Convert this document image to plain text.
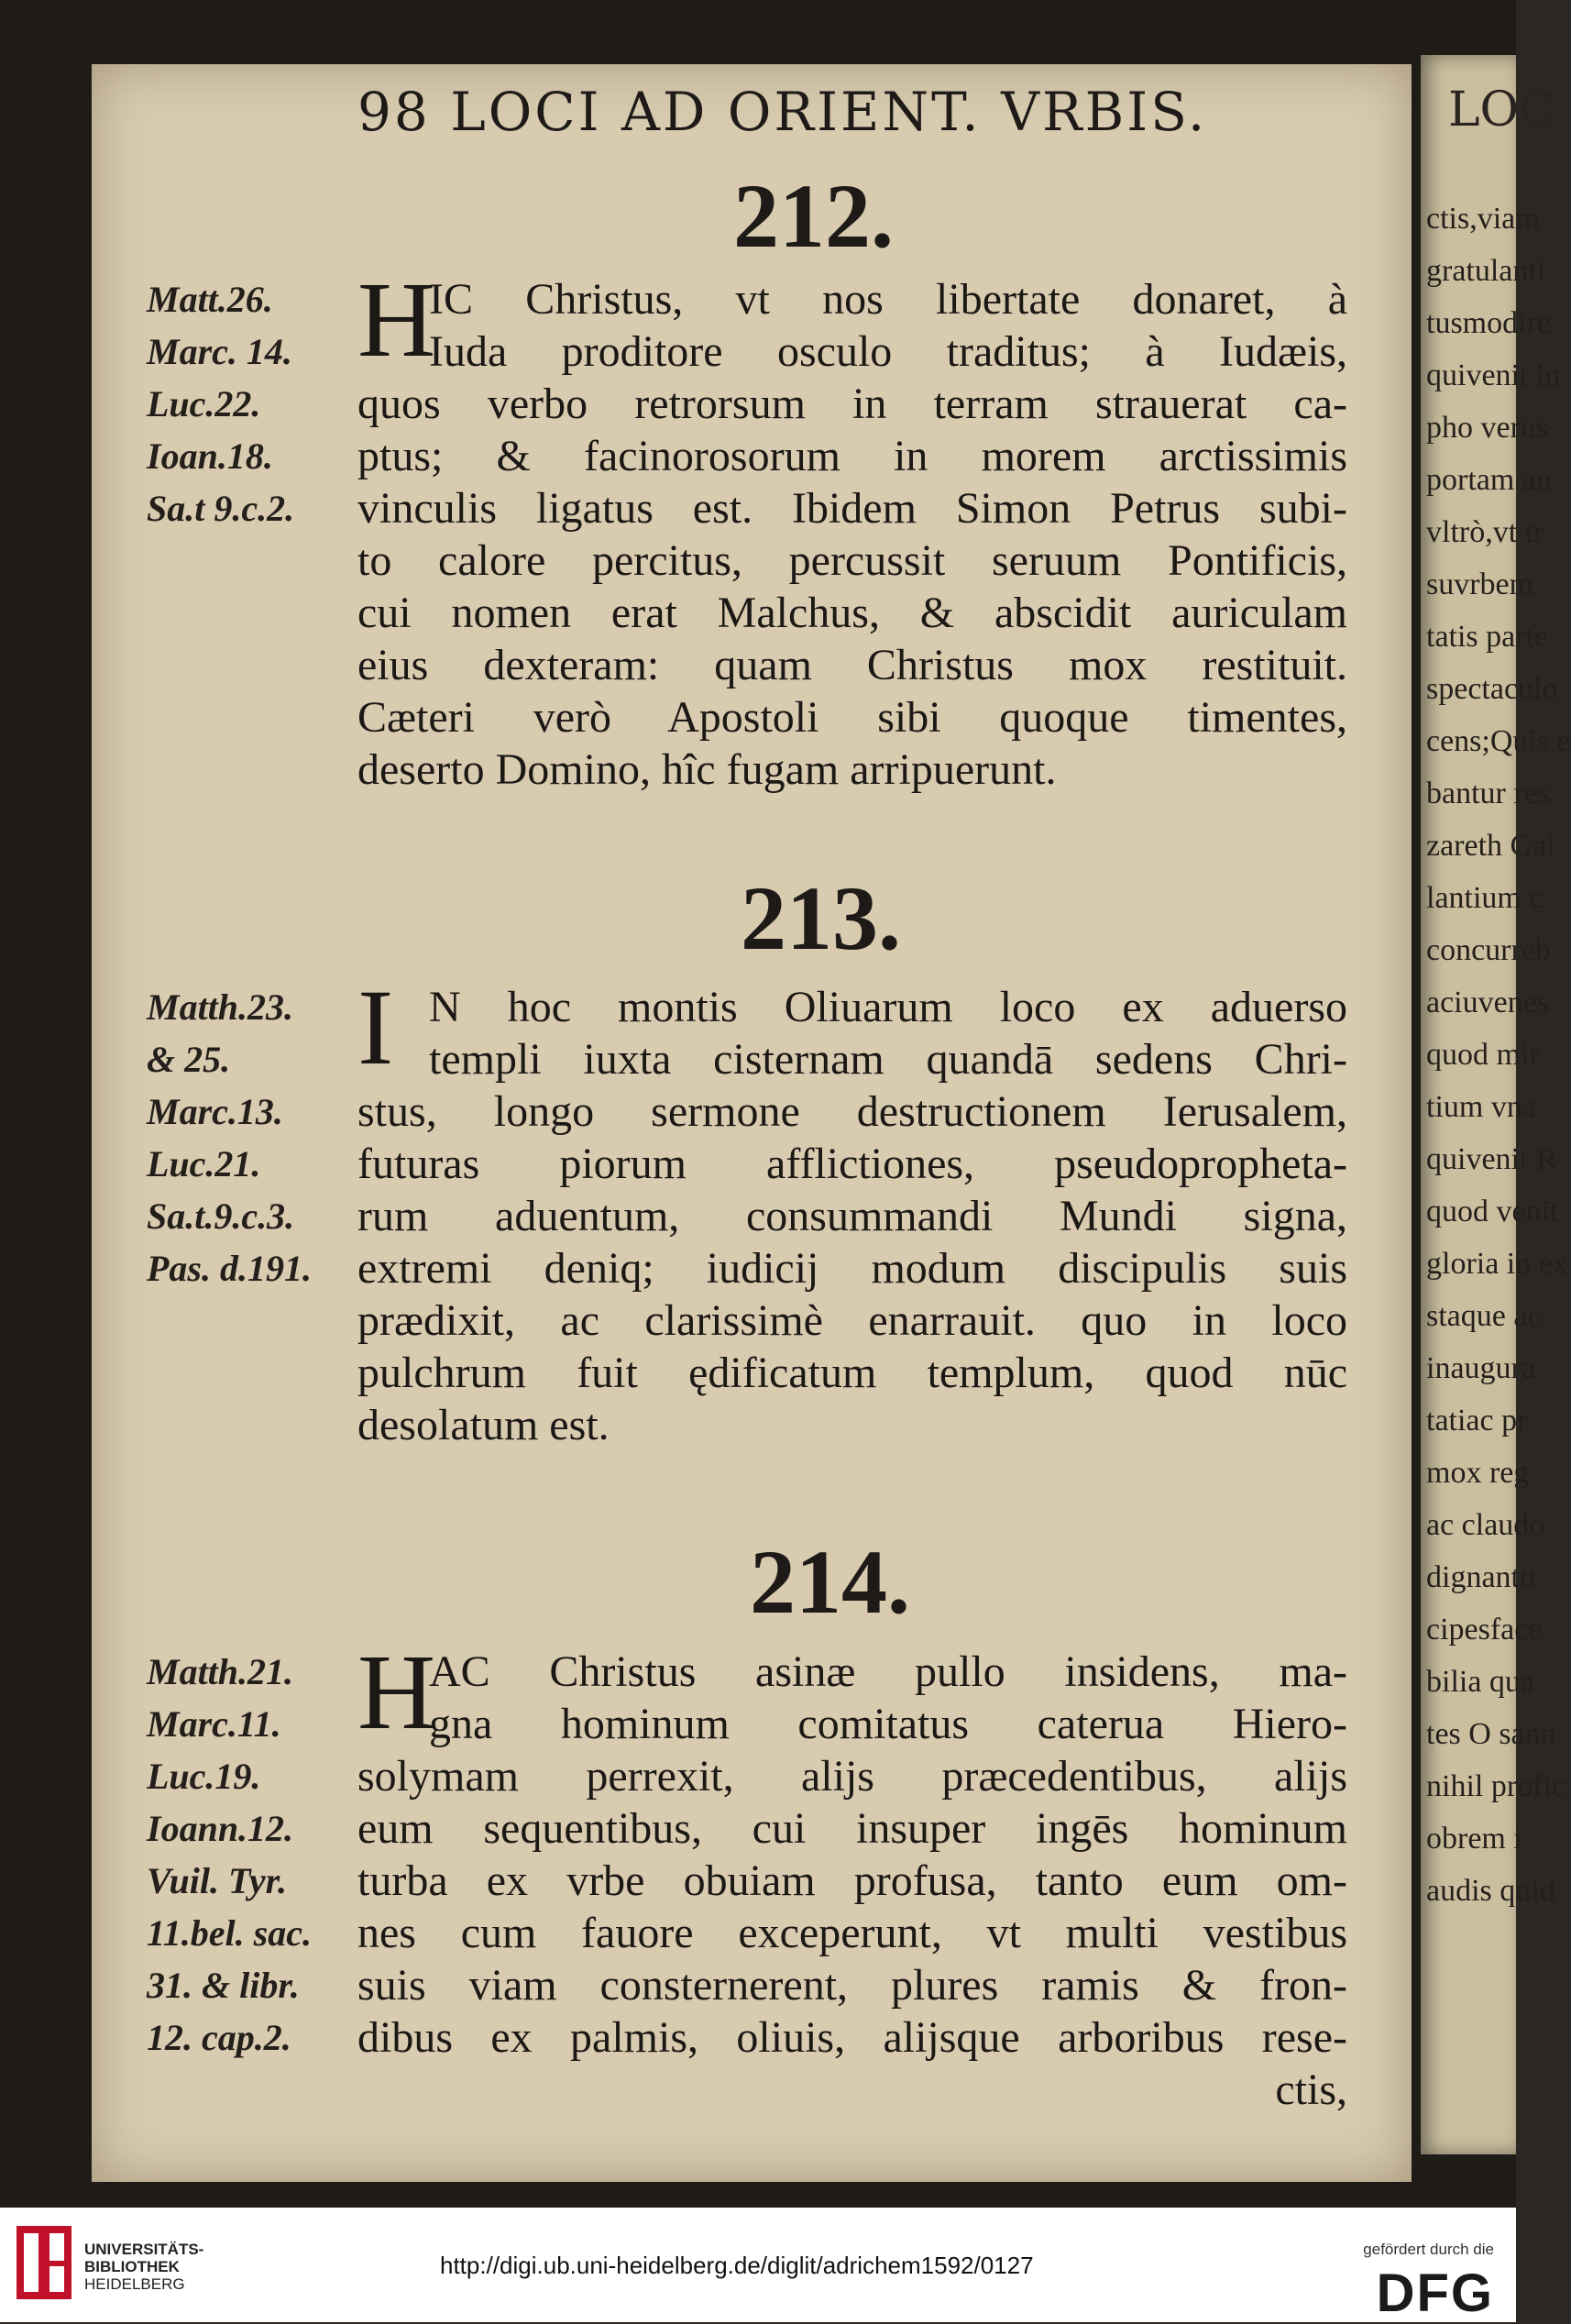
LOC
ctis,viam
gratulanti
tusmodire
quivenit in
pho verus
portam au
vltrò,vt tr
suvrbem
tatis parte
spectaculo
cens;Quis e
bantur res
zareth Gal
lantium c
concurreb
aciuvenes
quod mir
tium vna
quivenit R
quod venit
gloria in ex
staque ac
inaugura
tatiac pr
mox reg
ac claudo
dignantu
cipesface
bilia qua
tes O sann
nihil profic
obrem i
audis quid
98 LOCI AD ORIENT. VRBIS.
212.
Matt.26.
Marc. 14.
Luc.22.
Ioan.18.
Sa.t 9.c.2.
H
IC Christus, vt nos libertate donaret, à
Iuda proditore osculo traditus; à Iudæis,
quos verbo retrorsum in terram strauerat ca-
ptus; & facinorosorum in morem arctissimis
vinculis ligatus est. Ibidem Simon Petrus subi-
to calore percitus, percussit seruum Pontificis,
cui nomen erat Malchus, & abscidit auriculam
eius dexteram: quam Christus mox restituit.
Cæteri verò Apostoli sibi quoque timentes,
deserto Domino, hîc fugam arripuerunt.
213.
Matth.23.
& 25.
Marc.13.
Luc.21.
Sa.t.9.c.3.
Pas. d.191.
I N hoc montis Oliuarum loco ex aduerso
templi iuxta cisternam quandā sedens Chri-
stus, longo sermone destructionem Ierusalem,
futuras piorum afflictiones, pseudopropheta-
rum aduentum, consummandi Mundi signa,
extremi deniq; iudicij modum discipulis suis
prædixit, ac clarissimè enarrauit. quo in loco
pulchrum fuit ędificatum templum, quod nūc
desolatum est.
214.
Matth.21.
Marc.11.
Luc.19.
Ioann.12.
Vuil. Tyr.
11.bel. sac.
31. & libr.
12. cap.2.
H
AC Christus asinæ pullo insidens, ma-
gna hominum comitatus caterua Hiero-
solymam perrexit, alijs præcedentibus, alijs
eum sequentibus, cui insuper ingēs hominum
turba ex vrbe obuiam profusa, tanto eum om-
nes cum fauore exceperunt, vt multi vestibus
suis viam consternerent, plures ramis & fron-
dibus ex palmis, oliuis, alijsque arboribus rese-
ctis,
UNIVERSITÄTS-
BIBLIOTHEK
HEIDELBERG
http://digi.ub.uni-heidelberg.de/diglit/adrichem1592/0127
gefördert durch die
DFG
